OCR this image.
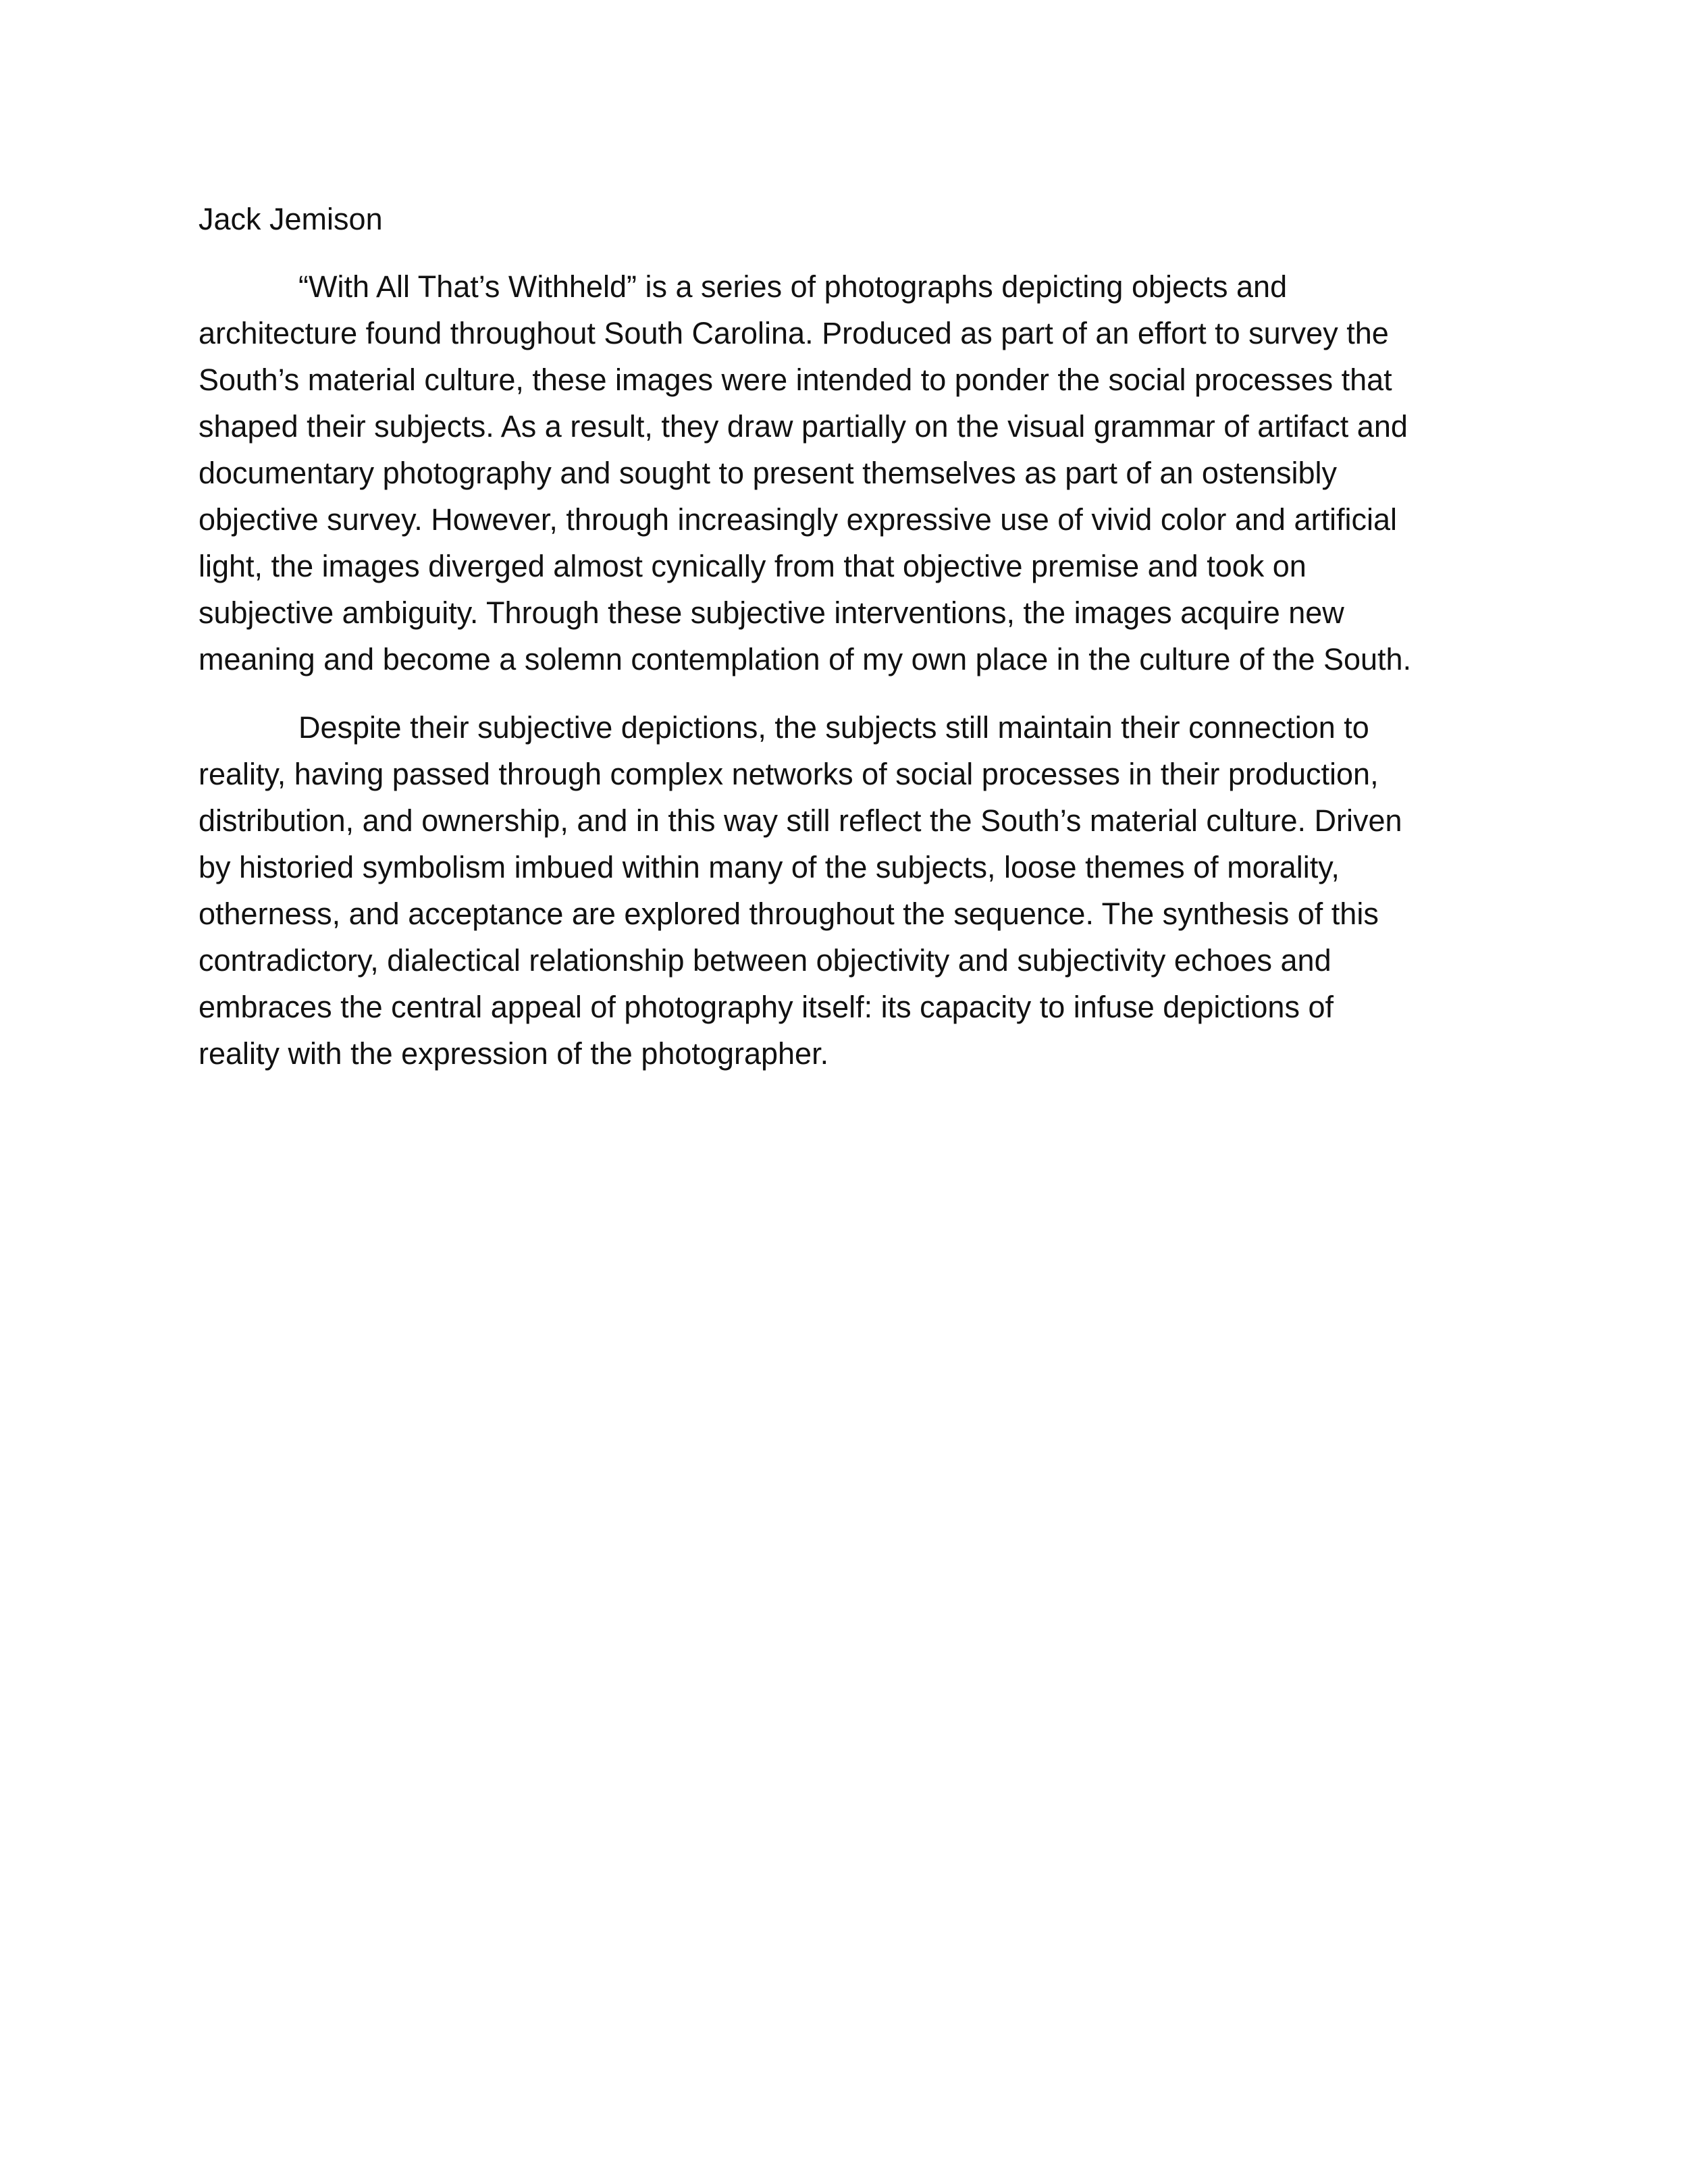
Jack Jemison

“With All That’s Withheld” is a series of photographs depicting objects and
architecture found throughout South Carolina. Produced as part of an effort to survey the
South’s material culture, these images were intended to ponder the social processes that
shaped their subjects. As a result, they draw partially on the visual grammar of artifact and
documentary photography and sought to present themselves as part of an ostensibly
objective survey. However, through increasingly expressive use of vivid color and artificial
light, the images diverged almost cynically from that objective premise and took on
subjective ambiguity. Through these subjective interventions, the images acquire new
meaning and become a solemn contemplation of my own place in the culture of the South.

Despite their subjective depictions, the subjects still maintain their connection to
reality, having passed through complex networks of social processes in their production,
distribution, and ownership, and in this way still reflect the South’s material culture. Driven
by historied symbolism imbued within many of the subjects, loose themes of morality,
otherness, and acceptance are explored throughout the sequence. The synthesis of this
contradictory, dialectical relationship between objectivity and subjectivity echoes and
embraces the central appeal of photography itself: its capacity to infuse depictions of
reality with the expression of the photographer.
